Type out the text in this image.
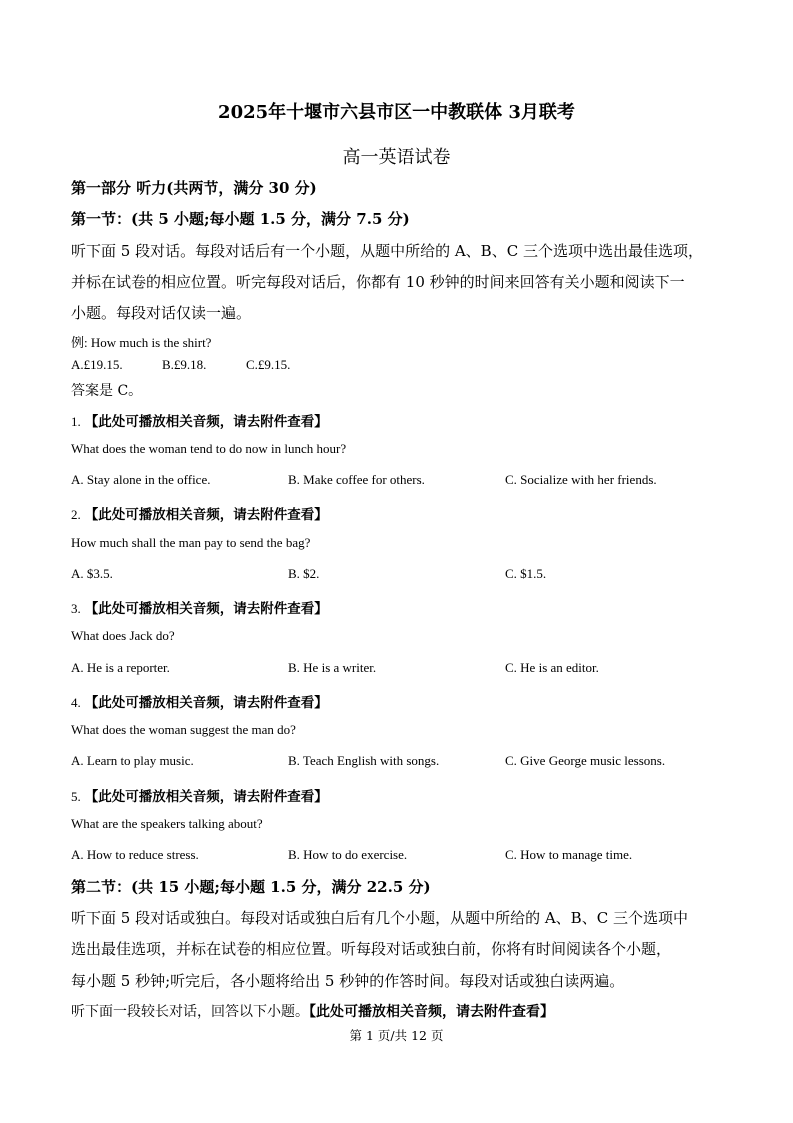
2025年十堰市六县市区一中教联体 3月联考
高一英语试卷
第一部分 听力(共两节，满分 30 分)
第一节：(共 5 小题;每小题 1.5 分，满分 7.5 分)
听下面 5 段对话。每段对话后有一个小题，从题中所给的 A、B、C 三个选项中选出最佳选项，
并标在试卷的相应位置。听完每段对话后，你都有 10 秒钟的时间来回答有关小题和阅读下一
小题。每段对话仅读一遍。
例: How much is the shirt?
A.£19.15.	B.£9.18.	C.£9.15.
答案是 C。
1. 【此处可播放相关音频，请去附件查看】
What does the woman tend to do now in lunch hour?
A. Stay alone in the office.	B. Make coffee for others.	C. Socialize with her friends.
2. 【此处可播放相关音频，请去附件查看】
How much shall the man pay to send the bag?
A. $3.5.	B. $2.	C. $1.5.
3. 【此处可播放相关音频，请去附件查看】
What does Jack do?
A. He is a reporter.	B. He is a writer.	C. He is an editor.
4. 【此处可播放相关音频，请去附件查看】
What does the woman suggest the man do?
A. Learn to play music.	B. Teach English with songs.	C. Give George music lessons.
5. 【此处可播放相关音频，请去附件查看】
What are the speakers talking about?
A. How to reduce stress.	B. How to do exercise.	C. How to manage time.
第二节：(共 15 小题;每小题 1.5 分，满分 22.5 分)
听下面 5 段对话或独白。每段对话或独白后有几个小题，从题中所给的 A、B、C 三个选项中
选出最佳选项，并标在试卷的相应位置。听每段对话或独白前，你将有时间阅读各个小题，
每小题 5 秒钟;听完后，各小题将给出 5 秒钟的作答时间。每段对话或独白读两遍。
听下面一段较长对话，回答以下小题。【此处可播放相关音频，请去附件查看】
第 1 页/共 12 页
